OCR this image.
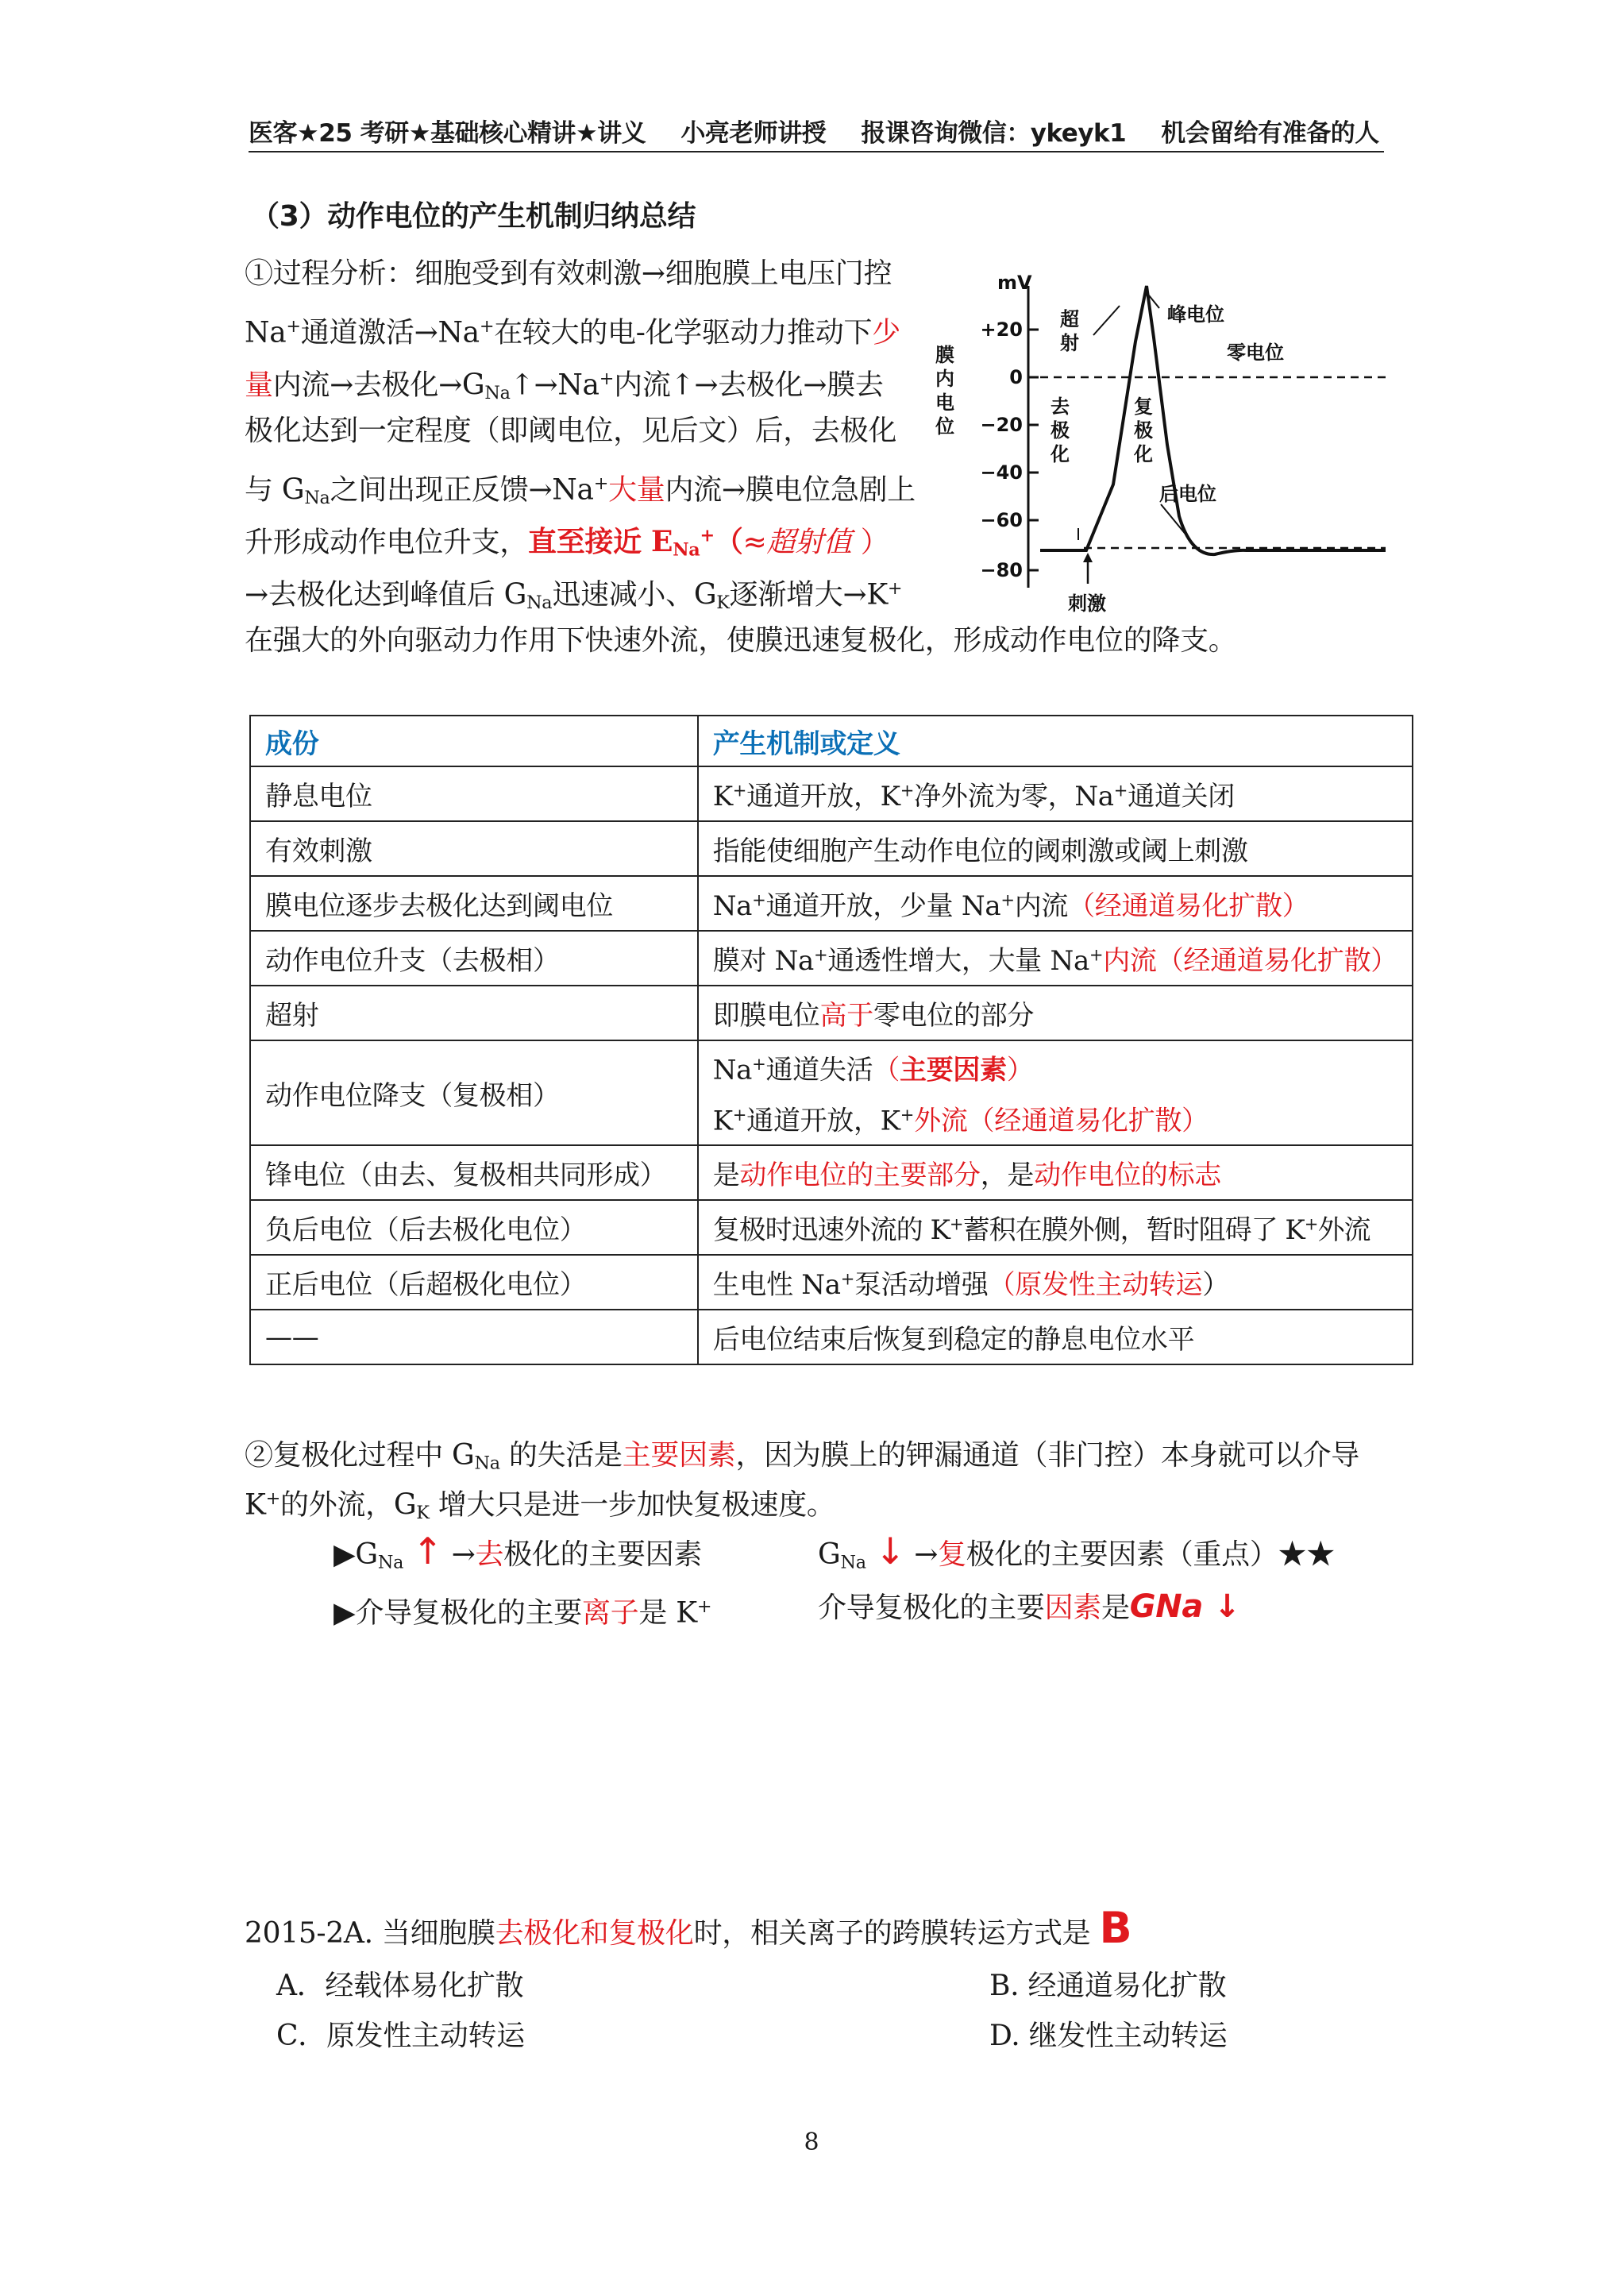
医客★25 考研★基础核心精讲★讲义 小亮老师讲授 报课咨询微信：ykeyk1 机会留给有准备的人
（3）动作电位的产生机制归纳总结
①过程分析：细胞受到有效刺激→细胞膜上电压门控
Na+通道激活→Na+在较大的电-化学驱动力推动下少
量内流→去极化$\to G_{Na}↑\to Na^+$内流↑→去极化→膜去
极化达到一定程度（即阈电位，见后文）后，去极化
与 $G_{Na}$之间出现正反馈→Na+大量内流→膜电位急剧上
升形成动作电位升支，直至接近 $E_{Na}^+(\approx$超射值 ）
→去极化达到峰值后 $G_{Na}$迅速减小、$G_K$逐渐增大→K+
在强大的外向驱动力作用下快速外流，使膜迅速复极化，形成动作电位的降支。
+20
0
−20
−40
−60
−80
mV
膜
内
电
位
超
射
峰电位
零电位
去
极
化
复
极
化
后电位
刺激
成份	产生机制或定义
静息电位	K+通道开放，K+净外流为零，Na+通道关闭
有效刺激	指能使细胞产生动作电位的阈刺激或阈上刺激
膜电位逐步去极化达到阈电位	Na+通道开放，少量 Na+内流（经通道易化扩散）
动作电位升支（去极相）	膜对 Na+通透性增大，大量 Na+内流（经通道易化扩散）
超射	即膜电位高于零电位的部分
动作电位降支（复极相）	Na+通道失活（主要因素）
K+通道开放，K+外流（经通道易化扩散）
锋电位（由去、复极相共同形成）	是动作电位的主要部分，是动作电位的标志
负后电位（后去极化电位）	复极时迅速外流的 K+蓄积在膜外侧，暂时阻碍了 K+外流
正后电位（后超极化电位）	生电性 Na+泵活动增强（原发性主动转运）
——	后电位结束后恢复到稳定的静息电位水平
②复极化过程中 $G_{Na}$ 的失活是主要因素，因为膜上的钾漏通道（非门控）本身就可以介导
K+的外流，$G_K$ 增大只是进一步加快复极速度。
$▶G_{Na}$ ↑ →去极化的主要因素	$G_{Na}$ ↓ →复极化的主要因素（重点）★★
▶介导复极化的主要离子是 K+	介导复极化的主要因素是GNa ↓
2015-2A. 当细胞膜去极化和复极化时，相关离子的跨膜转运方式是 B
A．经载体易化扩散	B. 经通道易化扩散
C．原发性主动转运	D. 继发性主动转运
8
